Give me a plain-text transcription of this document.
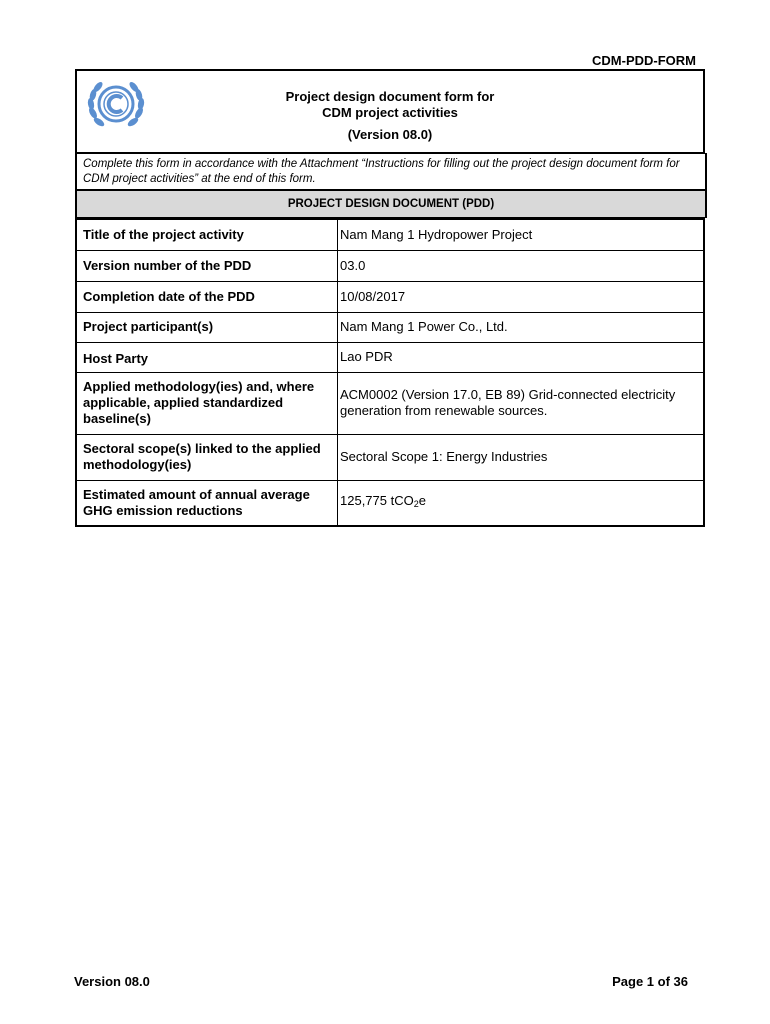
CDM-PDD-FORM
Project design document form for
CDM project activities
(Version 08.0)
Complete this form in accordance with the Attachment “Instructions for filling out the project design document form for CDM project activities” at the end of this form.
PROJECT DESIGN DOCUMENT (PDD)
Title of the project activity	Nam Mang 1 Hydropower Project
Version number of the PDD	03.0
Completion date of the PDD	10/08/2017
Project participant(s)	Nam Mang 1 Power Co., Ltd.
Host Party	Lao PDR
Applied methodology(ies) and, where applicable, applied standardized baseline(s)	ACM0002 (Version 17.0, EB 89) Grid-connected electricity generation from renewable sources.
Sectoral scope(s) linked to the applied methodology(ies)	Sectoral Scope 1: Energy Industries
Estimated amount of annual average GHG emission reductions	125,775 tCO$_2$e
Version 08.0	Page 1 of 36
